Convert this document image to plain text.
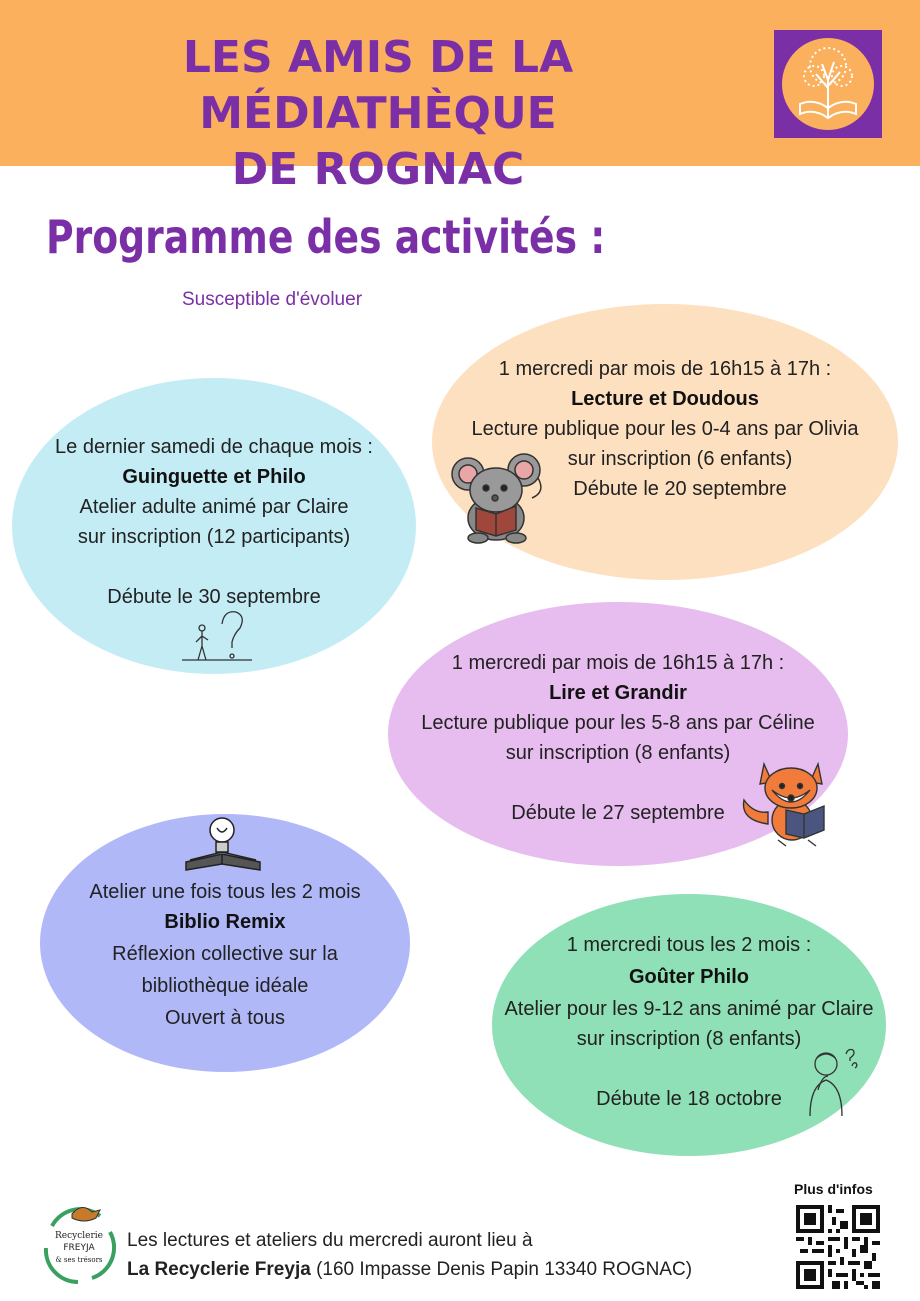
LES AMIS DE LA MÉDIATHÈQUE
DE ROGNAC
Programme des activités :
Susceptible d'évoluer
Le dernier samedi de chaque mois :
Guinguette et Philo
Atelier adulte animé par Claire
sur inscription (12 participants)
Débute le 30 septembre
1 mercredi par mois de 16h15 à 17h :
Lecture et Doudous
Lecture publique pour les 0-4 ans par Olivia
sur inscription (6 enfants)
Débute le 20 septembre
1 mercredi par mois de 16h15 à 17h :
Lire et Grandir
Lecture publique pour les 5-8 ans par Céline
sur inscription (8 enfants)
Débute le 27 septembre
Atelier une fois tous les 2 mois
Biblio Remix
Réflexion collective sur la
bibliothèque idéale
Ouvert à tous
1 mercredi tous les 2 mois :
Goûter Philo
Atelier pour les 9-12 ans animé par Claire
sur inscription (8 enfants)
Débute le 18 octobre
Recyclerie
FREYJA
& ses trésors
Les lectures et ateliers du mercredi auront lieu à
La Recyclerie Freyja (160 Impasse Denis Papin 13340 ROGNAC)
Plus d'infos
